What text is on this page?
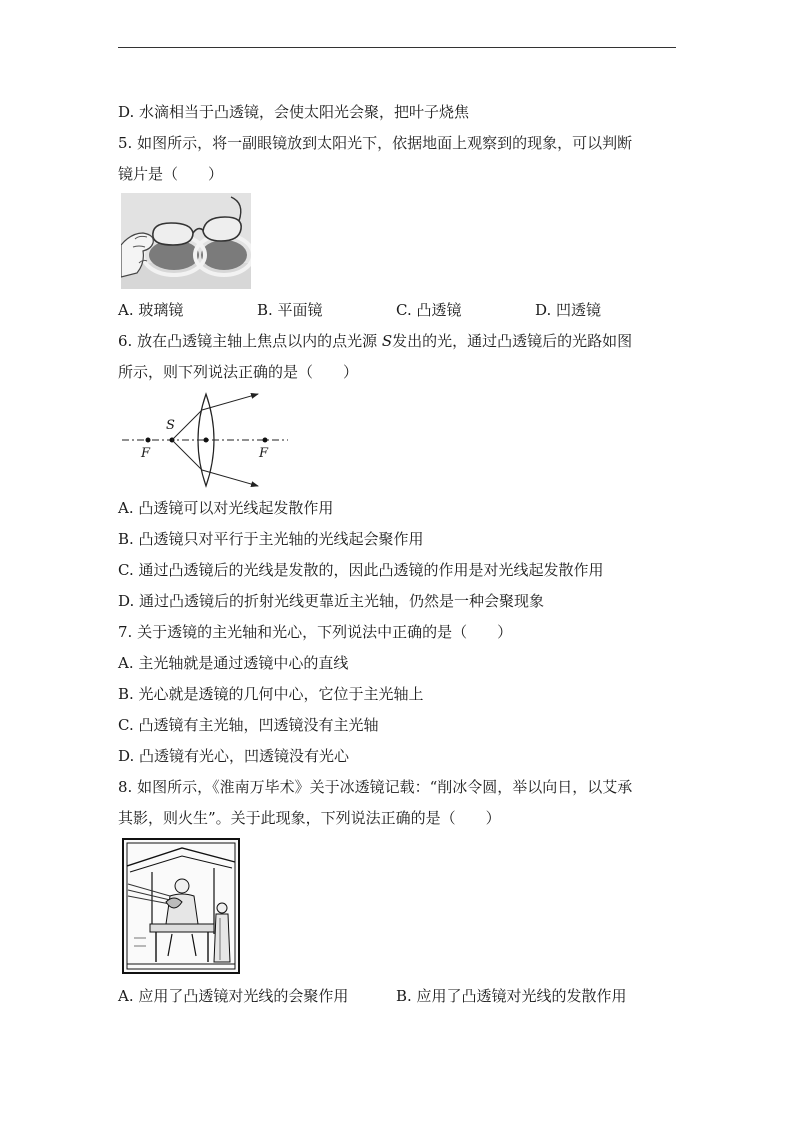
D. 水滴相当于凸透镜，会使太阳光会聚，把叶子烧焦
5. 如图所示，将一副眼镜放到太阳光下，依据地面上观察到的现象，可以判断
镜片是（　　）
A. 玻璃镜	B. 平面镜	C. 凸透镜	D. 凹透镜
6. 放在凸透镜主轴上焦点以内的点光源 S发出的光，通过凸透镜后的光路如图
所示，则下列说法正确的是（　　）
S
F	F
A. 凸透镜可以对光线起发散作用
B. 凸透镜只对平行于主光轴的光线起会聚作用
C. 通过凸透镜后的光线是发散的，因此凸透镜的作用是对光线起发散作用
D. 通过凸透镜后的折射光线更靠近主光轴，仍然是一种会聚现象
7. 关于透镜的主光轴和光心，下列说法中正确的是（　　）
A. 主光轴就是通过透镜中心的直线
B. 光心就是透镜的几何中心，它位于主光轴上
C. 凸透镜有主光轴，凹透镜没有主光轴
D. 凸透镜有光心，凹透镜没有光心
8. 如图所示，《淮南万毕术》关于冰透镜记载：“削冰令圆，举以向日，以艾承
其影，则火生”。关于此现象，下列说法正确的是（　　）
A. 应用了凸透镜对光线的会聚作用	B. 应用了凸透镜对光线的发散作用
